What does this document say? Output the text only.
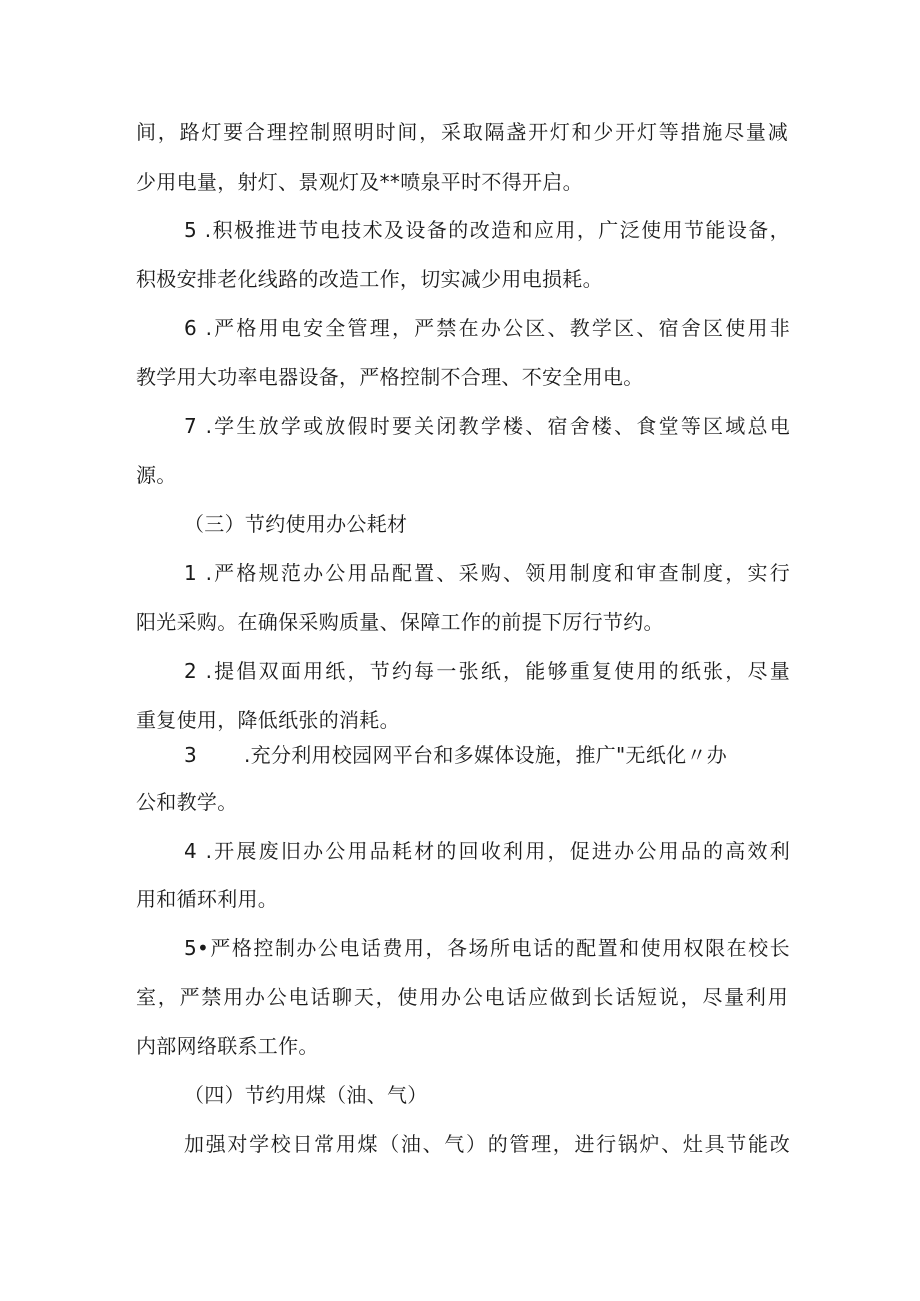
间，路灯要合理控制照明时间，采取隔盏开灯和少开灯等措施尽量减
少用电量，射灯、景观灯及**喷泉平时不得开启。
5 .积极推进节电技术及设备的改造和应用，广泛使用节能设备，
积极安排老化线路的改造工作，切实减少用电损耗。
6 .严格用电安全管理，严禁在办公区、教学区、宿舍区使用非
教学用大功率电器设备，严格控制不合理、不安全用电。
7 .学生放学或放假时要关闭教学楼、宿舍楼、食堂等区域总电
源。
（三）节约使用办公耗材
1 .严格规范办公用品配置、采购、领用制度和审查制度，实行
阳光采购。在确保采购质量、保障工作的前提下厉行节约。
2 .提倡双面用纸，节约每一张纸，能够重复使用的纸张，尽量
重复使用，降低纸张的消耗。
3 .充分利用校园网平台和多媒体设施，推广"无纸化〃办
公和教学。
4 .开展废旧办公用品耗材的回收利用，促进办公用品的高效利
用和循环利用。
5•严格控制办公电话费用，各场所电话的配置和使用权限在校长
室，严禁用办公电话聊天，使用办公电话应做到长话短说，尽量利用
内部网络联系工作。
（四）节约用煤（油、气）
加强对学校日常用煤（油、气）的管理，进行锅炉、灶具节能改
